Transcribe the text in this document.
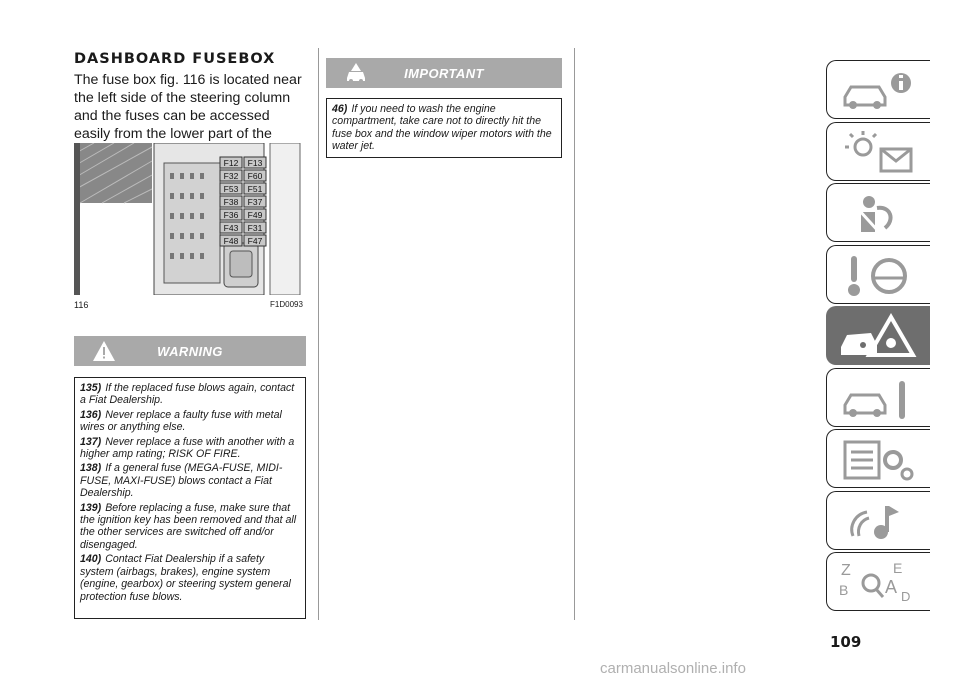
DASHBOARD FUSEBOX
The fuse box fig. 116 is located near the left side of the steering column and the fuses can be accessed easily from the lower part of the
F12 F13
F32 F60
F53 F51
F38 F37
F36 F49
F43 F31
F48 F47
116	F1D0093
WARNING
135) If the replaced fuse blows again, contact a Fiat Dealership.
136) Never replace a faulty fuse with metal wires or anything else.
137) Never replace a fuse with another with a higher amp rating; RISK OF FIRE.
138) If a general fuse (MEGA-FUSE, MIDI-FUSE, MAXI-FUSE) blows contact a Fiat Dealership.
139) Before replacing a fuse, make sure that the ignition key has been removed and that all the other services are switched off and/or disengaged.
140) Contact Fiat Dealership if a safety system (airbags, brakes), engine system (engine, gearbox) or steering system general protection fuse blows.
IMPORTANT
46) If you need to wash the engine compartment, take care not to directly hit the fuse box and the window wiper motors with the water jet.
Z	E
B A D
109
carmanualsonline.info
